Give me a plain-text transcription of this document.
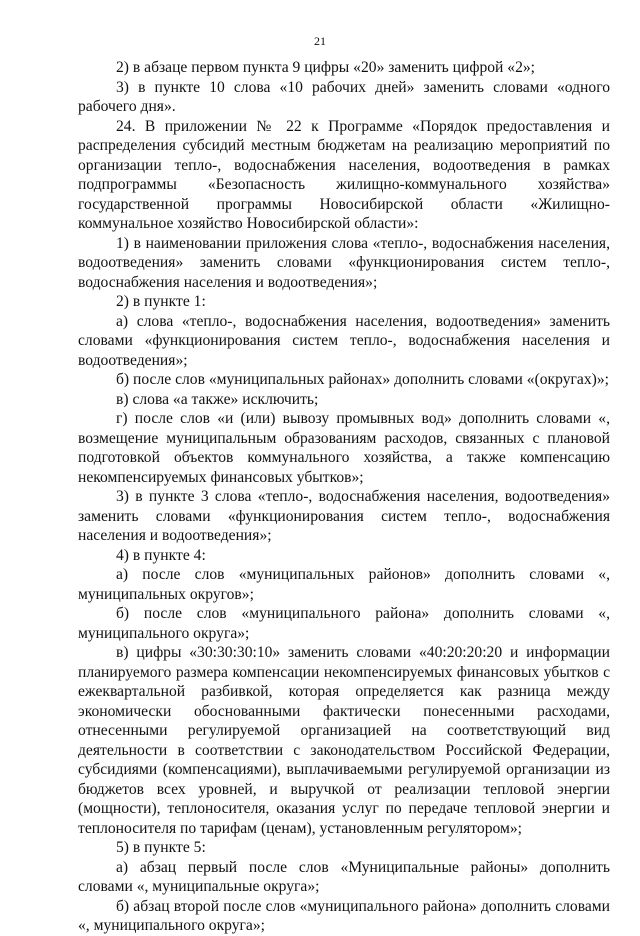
21

2) в абзаце первом пункта 9 цифры «20» заменить цифрой «2»;

3) в пункте 10 слова «10 рабочих дней» заменить словами «одного рабочего дня».

24. В приложении № 22 к Программе «Порядок предоставления и распределения субсидий местным бюджетам на реализацию мероприятий по организации тепло-, водоснабжения населения, водоотведения в рамках подпрограммы «Безопасность жилищно-коммунального хозяйства» государственной программы Новосибирской области «Жилищно-коммунальное хозяйство Новосибирской области»:

1) в наименовании приложения слова «тепло-, водоснабжения населения, водоотведения» заменить словами «функционирования систем тепло-, водоснабжения населения и водоотведения»;

2) в пункте 1:

а) слова «тепло-, водоснабжения населения, водоотведения» заменить словами «функционирования систем тепло-, водоснабжения населения и водоотведения»;

б) после слов «муниципальных районах» дополнить словами «(округах)»;

в) слова «а также» исключить;

г) после слов «и (или) вывозу промывных вод» дополнить словами «, возмещение муниципальным образованиям расходов, связанных с плановой подготовкой объектов коммунального хозяйства, а также компенсацию некомпенсируемых финансовых убытков»;

3) в пункте 3 слова «тепло-, водоснабжения населения, водоотведения» заменить словами «функционирования систем тепло-, водоснабжения населения и водоотведения»;

4) в пункте 4:

а) после слов «муниципальных районов» дополнить словами «, муниципальных округов»;

б) после слов «муниципального района» дополнить словами «, муниципального округа»;

в) цифры «30:30:30:10» заменить словами «40:20:20:20 и информации планируемого размера компенсации некомпенсируемых финансовых убытков с ежеквартальной разбивкой, которая определяется как разница между экономически обоснованными фактически понесенными расходами, отнесенными регулируемой организацией на соответствующий вид деятельности в соответствии с законодательством Российской Федерации, субсидиями (компенсациями), выплачиваемыми регулируемой организации из бюджетов всех уровней, и выручкой от реализации тепловой энергии (мощности), теплоносителя, оказания услуг по передаче тепловой энергии и теплоносителя по тарифам (ценам), установленным регулятором»;

5) в пункте 5:

а) абзац первый после слов «Муниципальные районы» дополнить словами «, муниципальные округа»;

б) абзац второй после слов «муниципального района» дополнить словами «, муниципального округа»;
